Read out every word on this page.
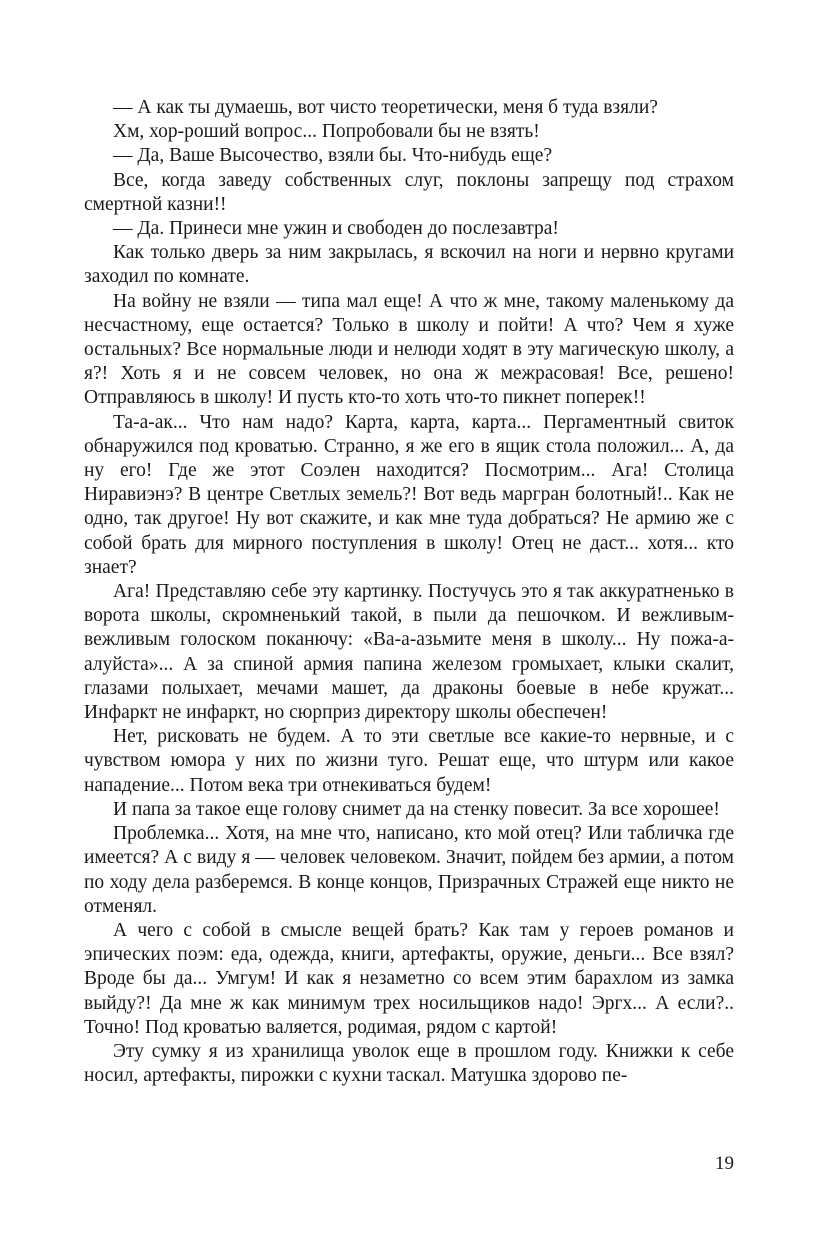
— А как ты думаешь, вот чисто теоретически, меня б туда взяли?

Хм, хор-роший вопрос... Попробовали бы не взять!

— Да, Ваше Высочество, взяли бы. Что-нибудь еще?

Все, когда заведу собственных слуг, поклоны запрещу под страхом смертной казни!!

— Да. Принеси мне ужин и свободен до послезавтра!

Как только дверь за ним закрылась, я вскочил на ноги и нервно кругами заходил по комнате.

На войну не взяли — типа мал еще! А что ж мне, такому маленькому да несчастному, еще остается? Только в школу и пойти! А что? Чем я хуже остальных? Все нормальные люди и нелюди ходят в эту магическую школу, а я?! Хоть я и не совсем человек, но она ж межрасовая! Все, решено! Отправляюсь в школу! И пусть кто-то хоть что-то пикнет поперек!!

Та-а-ак... Что нам надо? Карта, карта, карта... Пергаментный свиток обнаружился под кроватью. Странно, я же его в ящик стола положил... А, да ну его! Где же этот Соэлен находится? Посмотрим... Ага! Столица Ниравиэнэ? В центре Светлых земель?! Вот ведь маргран болотный!.. Как не одно, так другое! Ну вот скажите, и как мне туда добраться? Не армию же с собой брать для мирного поступления в школу! Отец не даст... хотя... кто знает?

Ага! Представляю себе эту картинку. Постучусь это я так аккуратненько в ворота школы, скромненький такой, в пыли да пешочком. И вежливым-вежливым голоском поканючу: «Ва-а-азьмите меня в школу... Ну пожа-а-алуйста»... А за спиной армия папина железом громыхает, клыки скалит, глазами полыхает, мечами машет, да драконы боевые в небе кружат... Инфаркт не инфаркт, но сюрприз директору школы обеспечен!

Нет, рисковать не будем. А то эти светлые все какие-то нервные, и с чувством юмора у них по жизни туго. Решат еще, что штурм или какое нападение... Потом века три отнекиваться будем!

И папа за такое еще голову снимет да на стенку повесит. За все хорошее!

Проблемка... Хотя, на мне что, написано, кто мой отец? Или табличка где имеется? А с виду я — человек человеком. Значит, пойдем без армии, а потом по ходу дела разберемся. В конце концов, Призрачных Стражей еще никто не отменял.

А чего с собой в смысле вещей брать? Как там у героев романов и эпических поэм: еда, одежда, книги, артефакты, оружие, деньги... Все взял? Вроде бы да... Умгум! И как я незаметно со всем этим барахлом из замка выйду?! Да мне ж как минимум трех носильщиков надо! Эргх... А если?.. Точно! Под кроватью валяется, родимая, рядом с картой!

Эту сумку я из хранилища уволок еще в прошлом году. Книжки к себе носил, артефакты, пирожки с кухни таскал. Матушка здорово пе-

19
